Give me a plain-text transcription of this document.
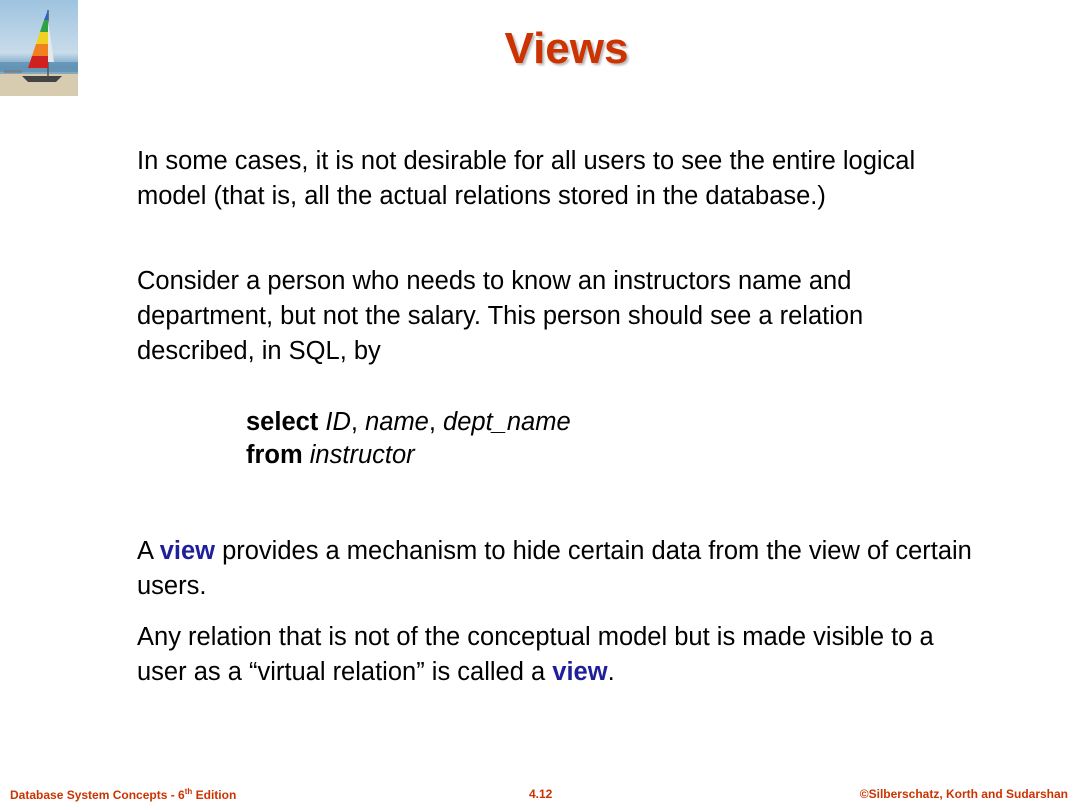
Views

In some cases, it is not desirable for all users to see the entire logical model (that is, all the actual relations stored in the database.)

Consider a person who needs to know an instructors name and department, but not the salary. This person should see a relation described, in SQL, by

select ID, name, dept_name
from instructor

A view provides a mechanism to hide certain data from the view of certain users.

Any relation that is not of the conceptual model but is made visible to a user as a “virtual relation” is called a view.

Database System Concepts - 6th Edition	4.12	©Silberschatz, Korth and Sudarshan
